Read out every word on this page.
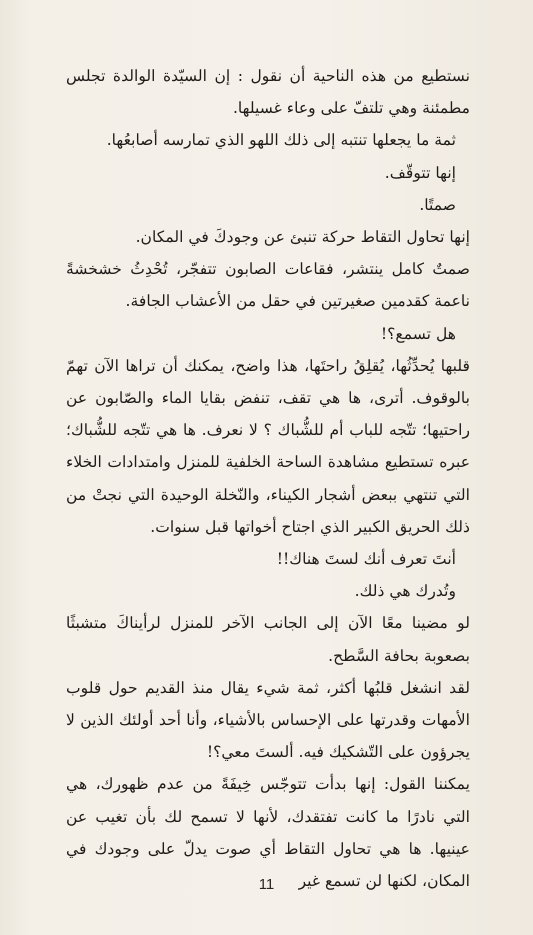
نستطيع من هذه الناحية أن نقول : إن السيّدة الوالدة تجلس مطمئنة وهي تلتفّ على وعاء غسيلها.

ثمة ما يجعلها تنتبه إلى ذلك اللهو الذي تمارسه أصابعُها.

إنها تتوقّف.

صمتًا.

إنها تحاول التقاط حركة تنبئ عن وجودكَ في المكان.

صمتٌ كامل ينتشر، فقاعات الصابون تتفجّر، تُحْدِثُ خشخشةً ناعمة كقدمين صغيرتين في حقل من الأعشاب الجافة.

هل تسمع؟!

قلبها يُحدِّثُها، يُقلِقُ راحتَها، هذا واضح، يمكنك أن تراها الآن تهمّ بالوقوف. أترى، ها هي تقف، تنفض بقايا الماء والصّابون عن راحتيها؛ تتّجه للباب أم للشُّباك ؟ لا نعرف. ها هي تتّجه للشُّباك؛ عبره تستطيع مشاهدة الساحة الخلفية للمنزل وامتدادات الخلاء التي تنتهي ببعض أشجار الكيناء، والنّخلة الوحيدة التي نجتْ من ذلك الحريق الكبير الذي اجتاح أخواتها قبل سنوات.

أنتَ تعرف أنك لستَ هناك!!

وتُدرك هي ذلك.

لو مضينا معًا الآن إلى الجانب الآخر للمنزل لرأيناكَ متشبثًا بصعوبة بحافة السَّطح.

لقد انشغل قلبُها أكثر، ثمة شيء يقال منذ القديم حول قلوب الأمهات وقدرتها على الإحساس بالأشياء، وأنا أحد أولئك الذين لا يجرؤون على التّشكيك فيه. ألستَ معي؟!

يمكننا القول: إنها بدأت تتوجّس خِيفَةً من عدم ظهورك، هي التي نادرًا ما كانت تفتقدك، لأنها لا تسمح لك بأن تغيب عن عينيها. ها هي تحاول التقاط أي صوت يدلّ على وجودك في المكان، لكنها لن تسمع غير

11
